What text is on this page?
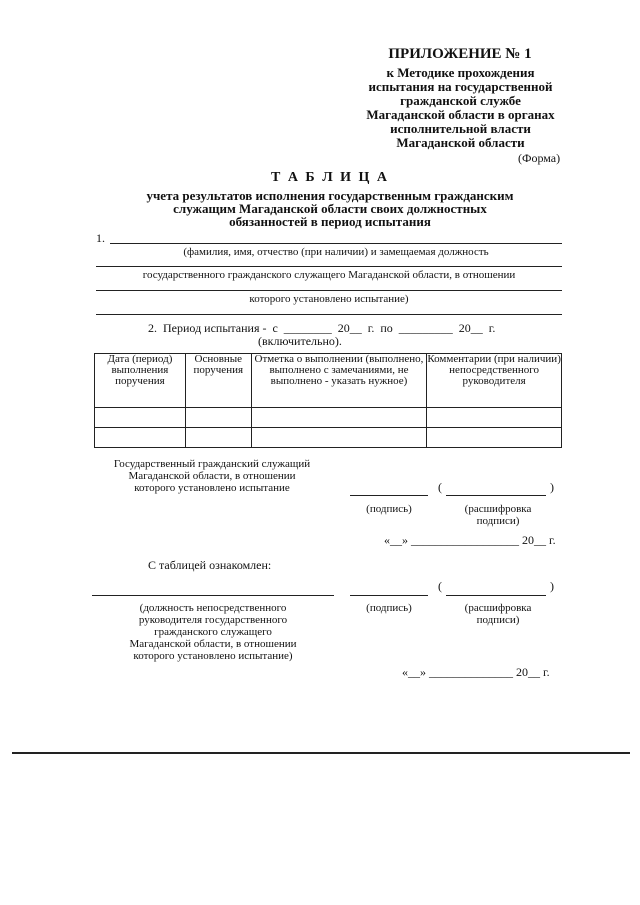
ПРИЛОЖЕНИЕ № 1
к Методике прохождения
испытания на государственной
гражданской службе
Магаданской области в органах
исполнительной власти
Магаданской области
(Форма)
Т А Б Л И Ц А
учета результатов исполнения государственным гражданским
служащим Магаданской области своих должностных
обязанностей в период испытания
1.
(фамилия, имя, отчество (при наличии) и замещаемая должность
государственного гражданского служащего Магаданской области, в отношении
которого установлено испытание)
2.  Период испытания -  с  ________  20__  г.  по  _________  20__  г.
(включительно).
Дата (период) выполнения поручения	Основные поручения	Отметка о выполнении (выполнено, выполнено с замечаниями, не выполнено - указать нужное)	Комментарии (при наличии) непосредственного руководителя

Государственный гражданский служащий
Магаданской области, в отношении
которого установлено испытание	(	)
(подпись)	(расшифровка подписи)
«__» __________________ 20__ г.
С таблицей ознакомлен:
(	)
(должность непосредственного
руководителя государственного
гражданского служащего
Магаданской области, в отношении
которого установлено испытание)
(подпись)	(расшифровка подписи)
«__» ______________ 20__ г.
